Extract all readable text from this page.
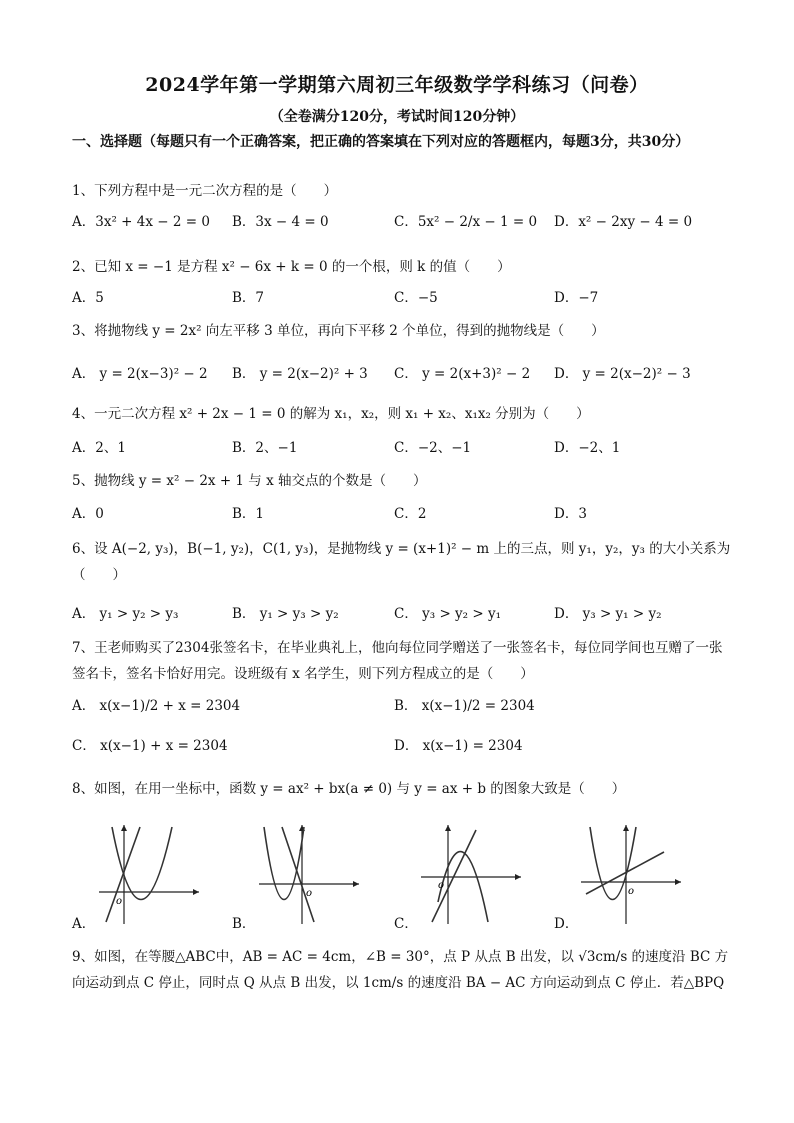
2024学年第一学期第六周初三年级数学学科练习（问卷）
（全卷满分120分，考试时间120分钟）
一、选择题（每题只有一个正确答案，把正确的答案填在下列对应的答题框内，每题3分，共30分）
1、下列方程中是一元二次方程的是（　　）
A．3x² + 4x − 2 = 0 B．3x − 4 = 0	C．5x² − 2/x − 1 = 0 D．x² − 2xy − 4 = 0
2、已知 x = −1 是方程 x² − 6x + k = 0 的一个根，则 k 的值（　　）
A．5	B．7	C．−5	D．−7
3、将抛物线 y = 2x² 向左平移 3 单位，再向下平移 2 个单位，得到的抛物线是（　　）
A． y = 2(x−3)² − 2 B． y = 2(x−2)² + 3 C． y = 2(x+3)² − 2 D． y = 2(x−2)² − 3
4、一元二次方程 x² + 2x − 1 = 0 的解为 x₁，x₂，则 x₁ + x₂、x₁x₂ 分别为（　　）
A．2、1	B．2、−1	C．−2、−1	D．−2、1
5、抛物线 y = x² − 2x + 1 与 x 轴交点的个数是（　　）
A．0	B．1	C．2	D．3
6、设 A(−2, y₃)，B(−1, y₂)，C(1, y₃)，是抛物线 y = (x+1)² − m 上的三点，则 y₁，y₂，y₃ 的大小关系为（　　）
A． y₁ > y₂ > y₃	B． y₁ > y₃ > y₂	C． y₃ > y₂ > y₁	D． y₃ > y₁ > y₂
7、王老师购买了2304张签名卡，在毕业典礼上，他向每位同学赠送了一张签名卡，每位同学间也互赠了一张签名卡，签名卡恰好用完。设班级有 x 名学生，则下列方程成立的是（　　）
A． x(x−1)/2 + x = 2304	B． x(x−1)/2 = 2304
C． x(x−1) + x = 2304	D． x(x−1) = 2304
8、如图，在用一坐标中，函数 y = ax² + bx(a ≠ 0) 与 y = ax + b 的图象大致是（　　）
A．
o
B．
o
C．
o
D．
o
9、如图，在等腰△ABC中，AB = AC = 4cm，∠B = 30°，点 P 从点 B 出发，以 √3cm/s 的速度沿 BC 方向运动到点 C 停止，同时点 Q 从点 B 出发，以 1cm/s 的速度沿 BA − AC 方向运动到点 C 停止．若△BPQ
